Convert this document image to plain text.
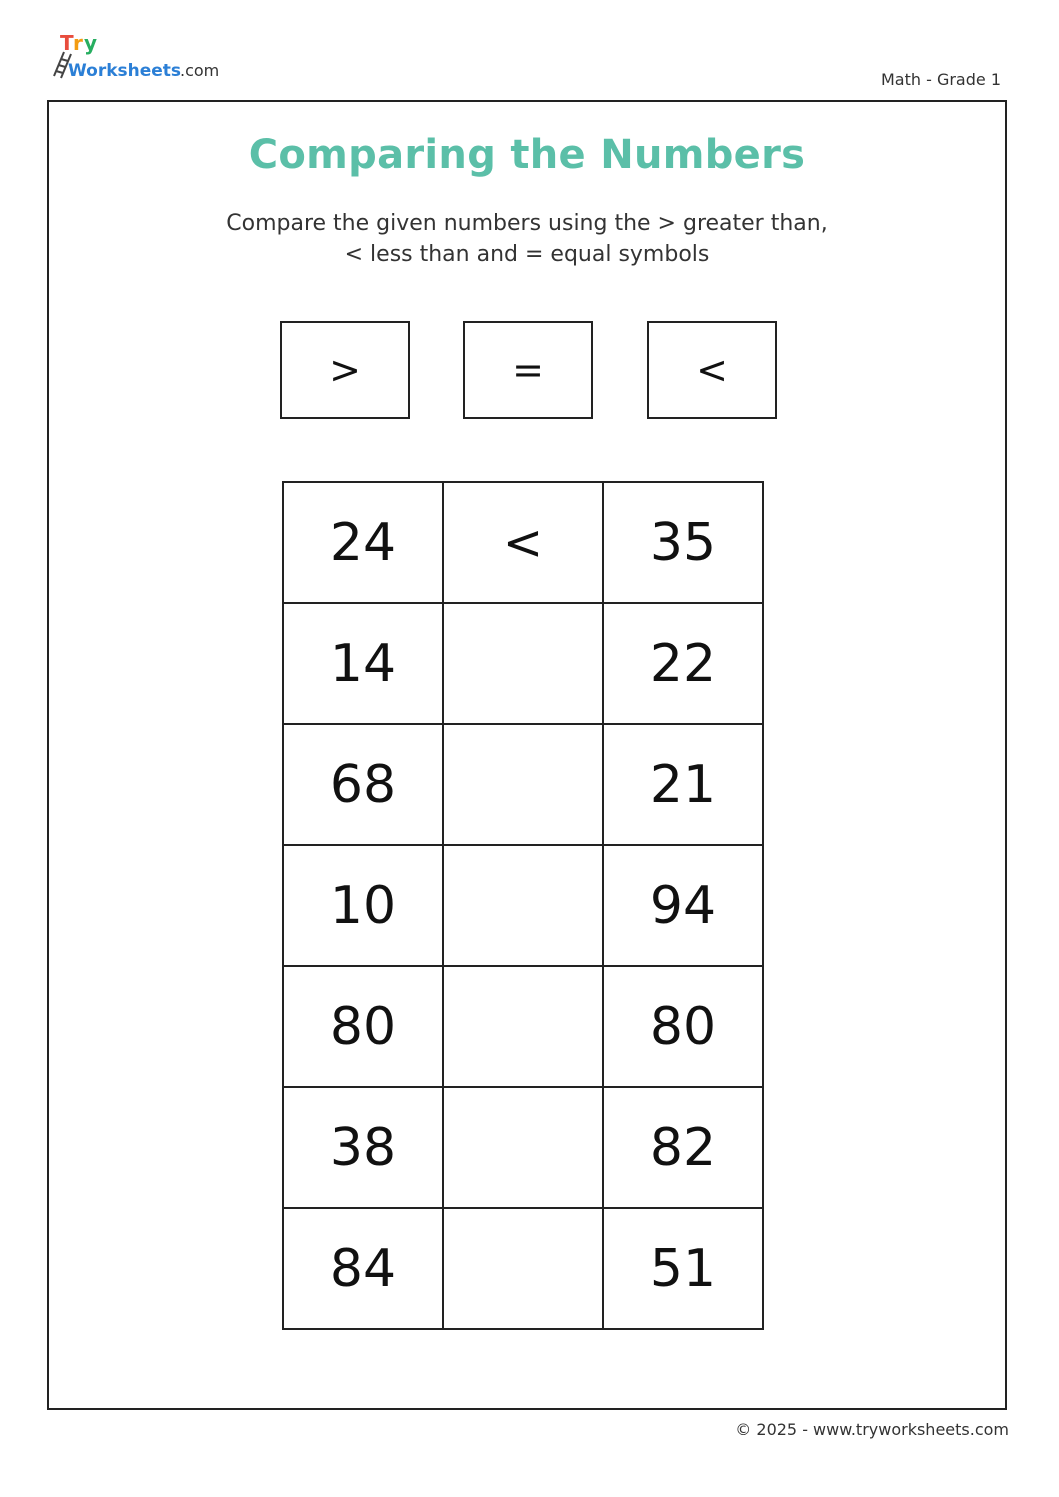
T r y
Worksheets
.com	Math - Grade 1
Comparing the Numbers
Compare the given numbers using the > greater than,
< less than and = equal symbols
>	=	<
24	<	35
14		22
68		21
10		94
80		80
38		82
84		51
© 2025 - www.tryworksheets.com
